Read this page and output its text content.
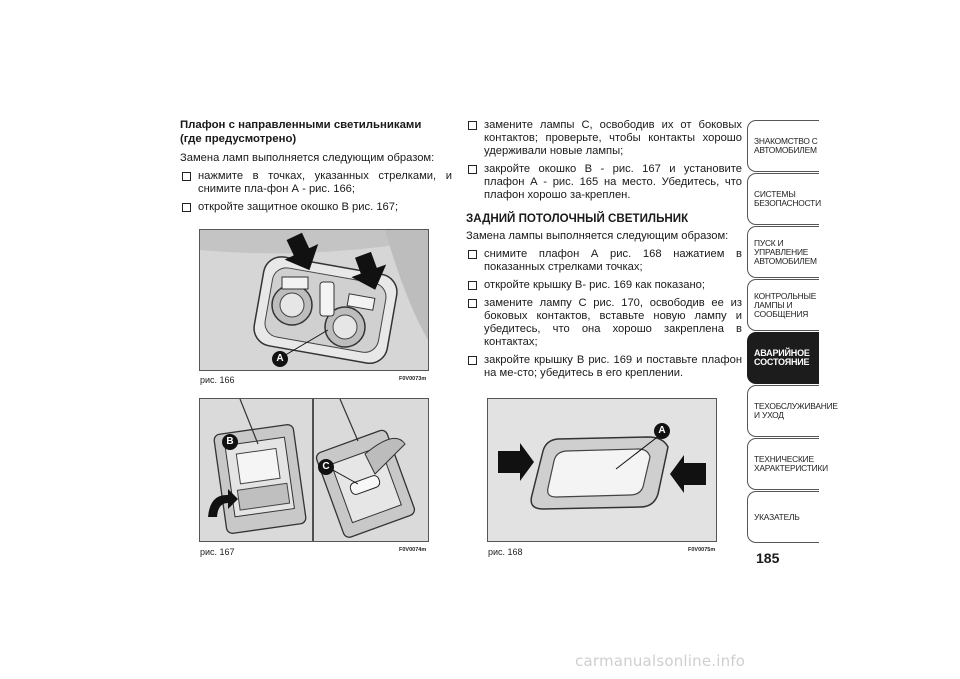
Плафон с направленными светильниками
(где предусмотрено)

Замена ламп выполняется следующим образом:

нажмите в точках, указанных стрелками, и снимите пла-фон А - рис. 166;

откройте защитное окошко В рис. 167;

A
рис. 166	F0V0073m
B
C
рис. 167	F0V0074m

замените лампы С, освободив их от боковых контактов; проверьте, чтобы контакты хорошо удерживали новые лампы;

закройте окошко В - рис. 167 и установите плафон А - рис. 165 на место. Убедитесь, что плафон хорошо за-креплен.

ЗАДНИЙ ПОТОЛОЧНЫЙ СВЕТИЛЬНИК

Замена лампы выполняется следующим образом:

снимите плафон А рис. 168 нажатием в показанных стрелками точках;

откройте крышку В- рис. 169 как показано;

замените лампу С рис. 170, освободив ее из боковых контактов, вставьте новую лампу и убедитесь, что она хорошо закреплена в контактах;

закройте крышку В рис. 169 и поставьте плафон на ме-сто; убедитесь в его креплении.

A
рис. 168	F0V0075m
ЗНАКОМСТВО С АВТОМОБИЛЕМ
СИСТЕМЫ БЕЗОПАСНОСТИ
ПУСК И УПРАВЛЕНИЕ АВТОМОБИЛЕМ
КОНТРОЛЬНЫЕ ЛАМПЫ И СООБЩЕНИЯ
АВАРИЙНОЕ СОСТОЯНИЕ
ТЕХОБСЛУЖИВАНИЕ И УХОД
ТЕХНИЧЕСКИЕ ХАРАКТЕРИСТИКИ
УКАЗАТЕЛЬ
185
carmanualsonline.info
